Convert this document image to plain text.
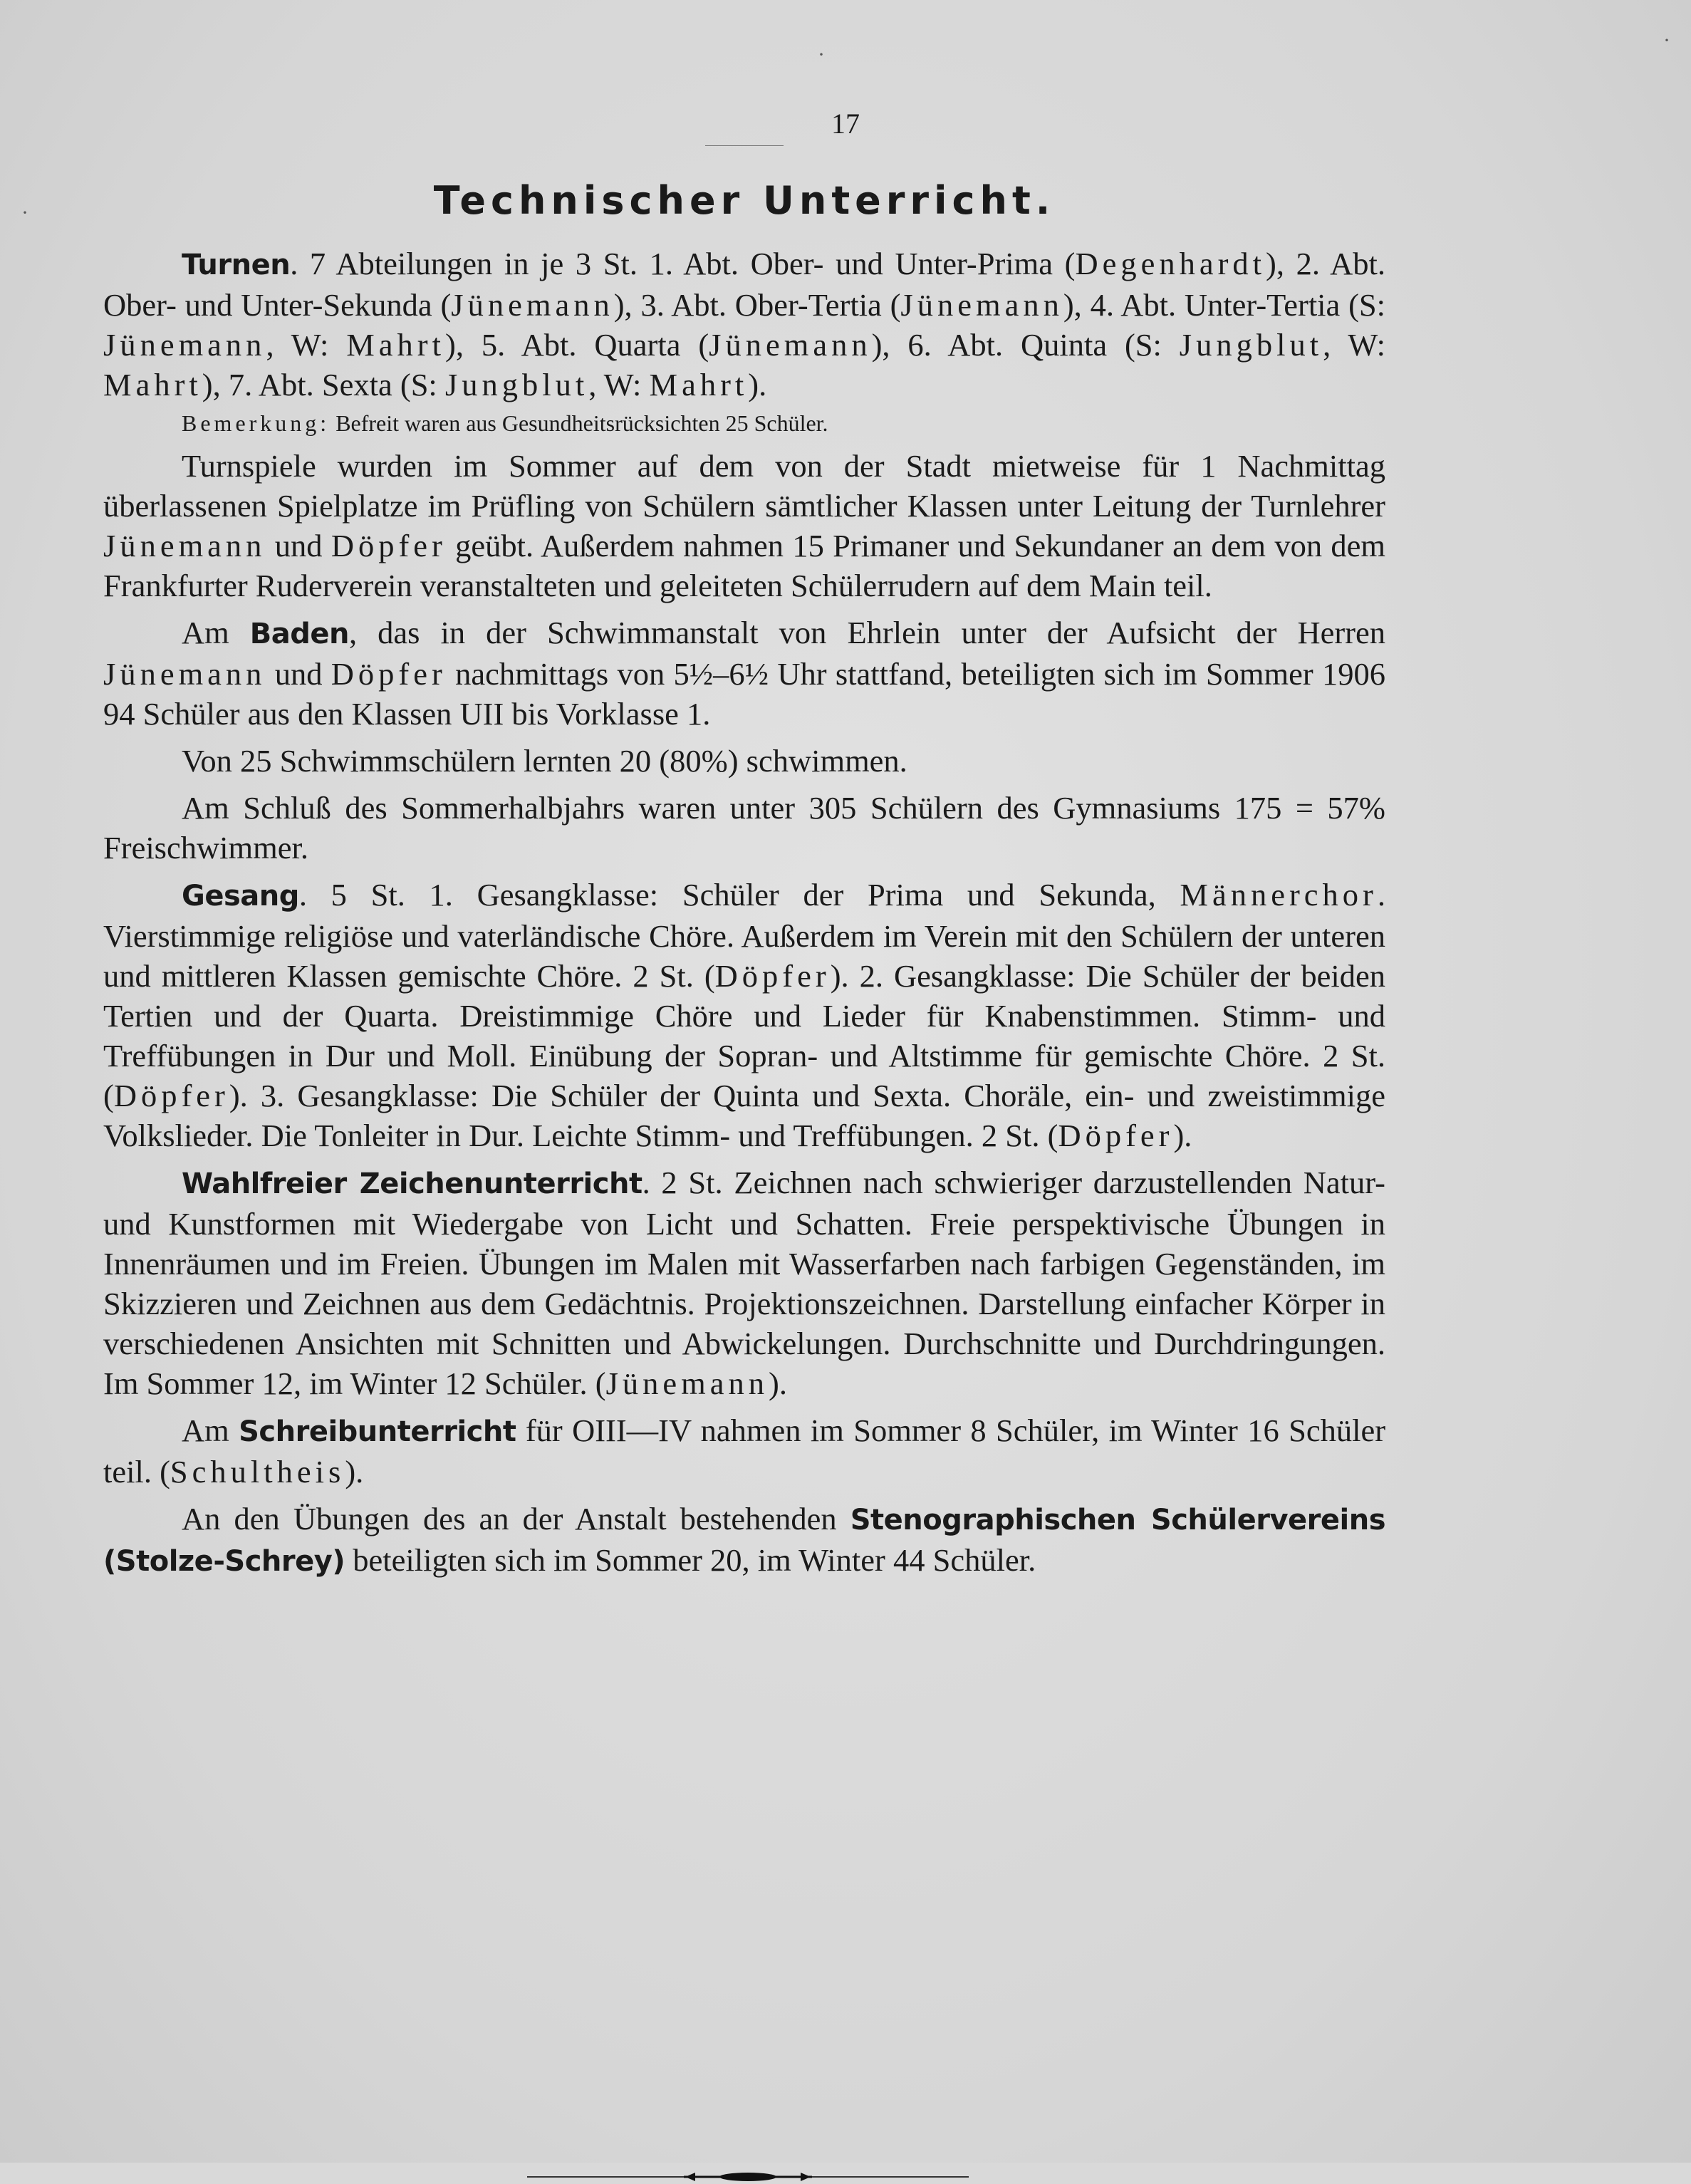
17
Technischer Unterricht.

Turnen. 7 Abteilungen in je 3 St. 1. Abt. Ober- und Unter-Prima (Degenhardt), 2. Abt. Ober- und Unter-Sekunda (Jünemann), 3. Abt. Ober-Tertia (Jünemann), 4. Abt. Unter-Tertia (S: Jünemann, W: Mahrt), 5. Abt. Quarta (Jünemann), 6. Abt. Quinta (S: Jungblut, W: Mahrt), 7. Abt. Sexta (S: Jungblut, W: Mahrt).

Bemerkung: Befreit waren aus Gesundheitsrücksichten 25 Schüler.

Turnspiele wurden im Sommer auf dem von der Stadt mietweise für 1 Nachmittag überlassenen Spielplatze im Prüfling von Schülern sämtlicher Klassen unter Leitung der Turnlehrer Jünemann und Döpfer geübt. Außerdem nahmen 15 Primaner und Sekundaner an dem von dem Frankfurter Ruderverein veranstalteten und geleiteten Schülerrudern auf dem Main teil.

Am Baden, das in der Schwimmanstalt von Ehrlein unter der Aufsicht der Herren Jünemann und Döpfer nachmittags von 5½–6½ Uhr stattfand, beteiligten sich im Sommer 1906 94 Schüler aus den Klassen UII bis Vorklasse 1.

Von 25 Schwimmschülern lernten 20 (80%) schwimmen.

Am Schluß des Sommerhalbjahrs waren unter 305 Schülern des Gymnasiums 175 = 57% Freischwimmer.

Gesang. 5 St. 1. Gesangklasse: Schüler der Prima und Sekunda, Männerchor. Vierstimmige religiöse und vaterländische Chöre. Außerdem im Verein mit den Schülern der unteren und mittleren Klassen gemischte Chöre. 2 St. (Döpfer). 2. Gesangklasse: Die Schüler der beiden Tertien und der Quarta. Dreistimmige Chöre und Lieder für Knabenstimmen. Stimm- und Treffübungen in Dur und Moll. Einübung der Sopran- und Altstimme für gemischte Chöre. 2 St. (Döpfer). 3. Gesangklasse: Die Schüler der Quinta und Sexta. Choräle, ein- und zweistimmige Volkslieder. Die Tonleiter in Dur. Leichte Stimm- und Treffübungen. 2 St. (Döpfer).

Wahlfreier Zeichenunterricht. 2 St. Zeichnen nach schwieriger darzustellenden Natur- und Kunstformen mit Wiedergabe von Licht und Schatten. Freie perspektivische Übungen in Innenräumen und im Freien. Übungen im Malen mit Wasserfarben nach farbigen Gegenständen, im Skizzieren und Zeichnen aus dem Gedächtnis. Projektionszeichnen. Darstellung einfacher Körper in verschiedenen Ansichten mit Schnitten und Abwickelungen. Durchschnitte und Durchdringungen. Im Sommer 12, im Winter 12 Schüler. (Jünemann).

Am Schreibunterricht für OIII—IV nahmen im Sommer 8 Schüler, im Winter 16 Schüler teil. (Schultheis).

An den Übungen des an der Anstalt bestehenden Stenographischen Schülervereins (Stolze-Schrey) beteiligten sich im Sommer 20, im Winter 44 Schüler.

·
·
·
